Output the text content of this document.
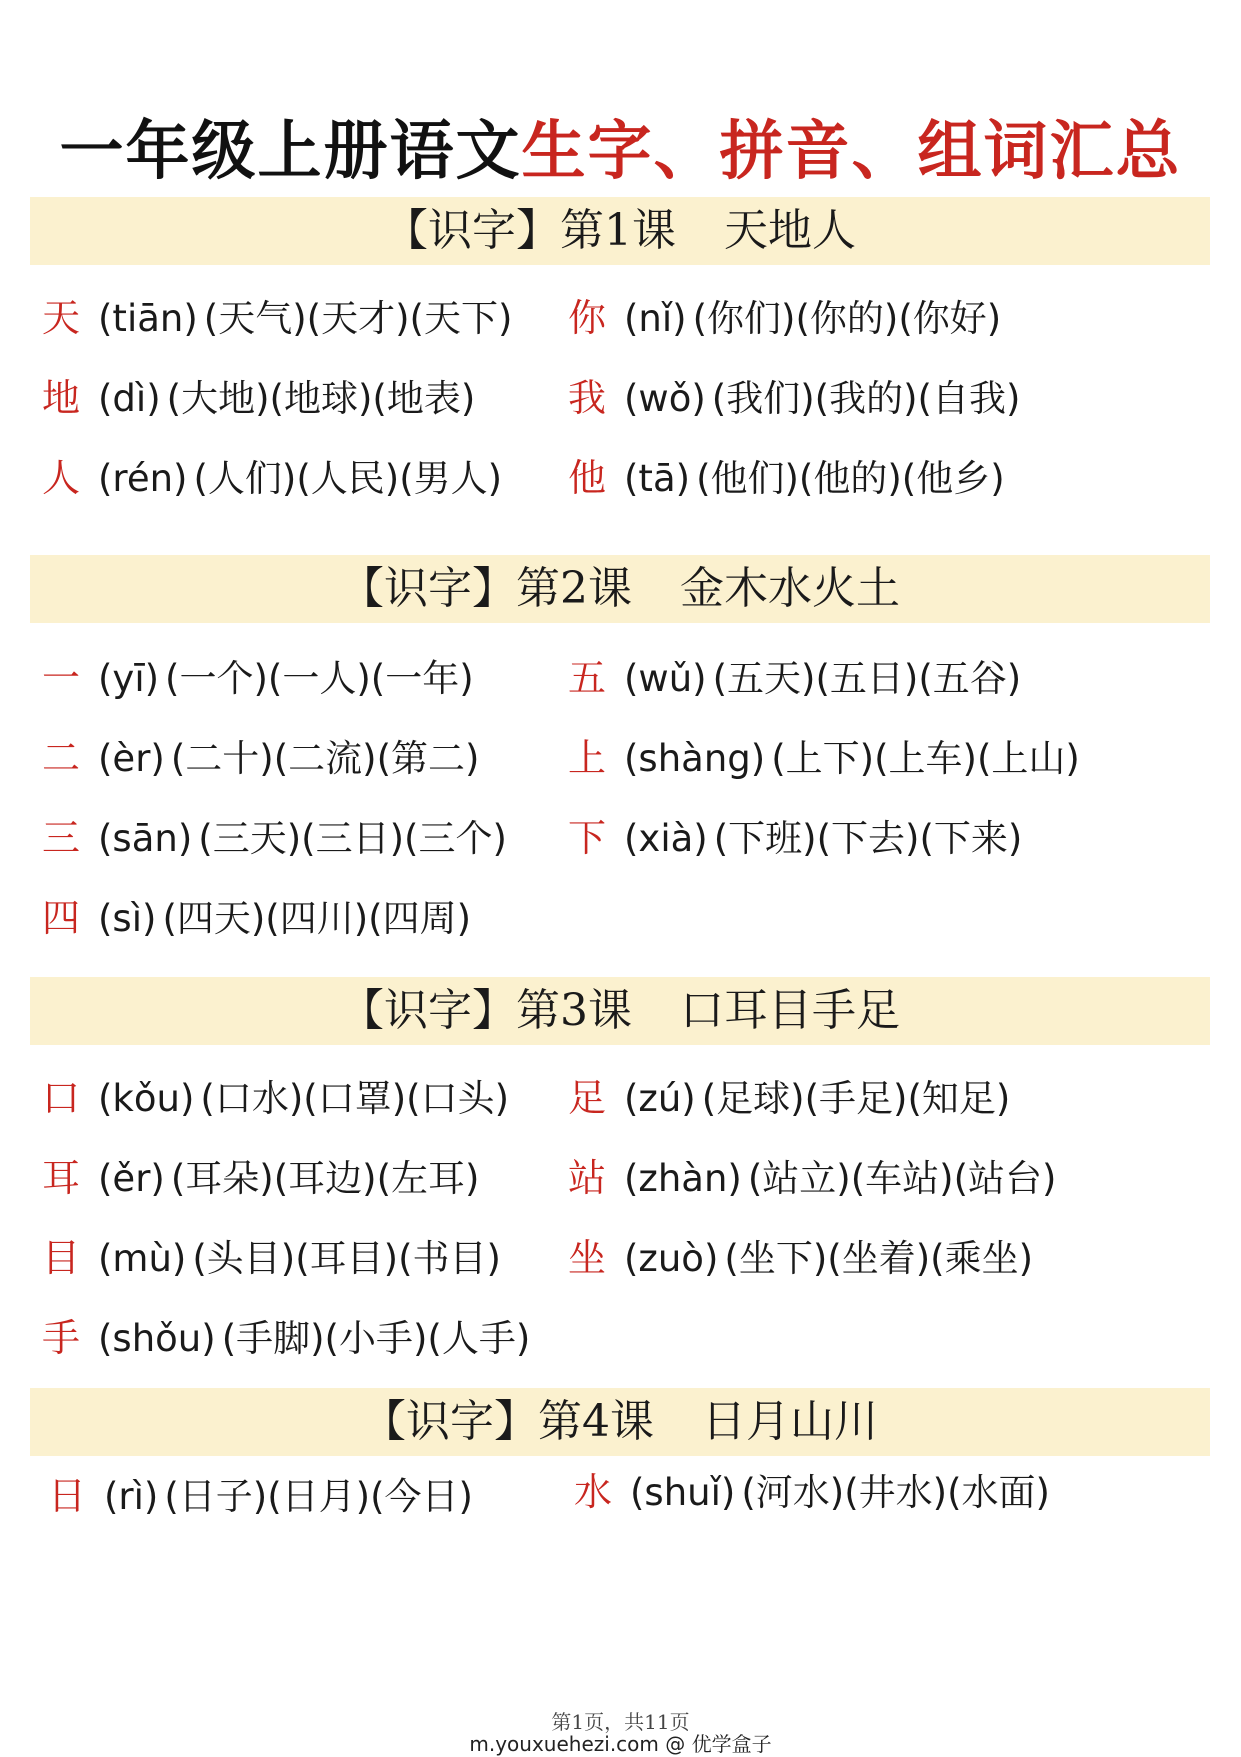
一年级上册语文生字、拼音、组词汇总
【识字】第1课 天地人
天 (tiān) (天气)(天才)(天下) 你 (nǐ) (你们)(你的)(你好)
地 (dì) (大地)(地球)(地表) 我 (wǒ) (我们)(我的)(自我)
人 (rén) (人们)(人民)(男人) 他 (tā) (他们)(他的)(他乡)
【识字】第2课 金木水火土
一 (yī) (一个)(一人)(一年) 五 (wǔ) (五天)(五日)(五谷)
二 (èr) (二十)(二流)(第二) 上 (shàng) (上下)(上车)(上山)
三 (sān) (三天)(三日)(三个) 下 (xià) (下班)(下去)(下来)
四 (sì) (四天)(四川)(四周)
【识字】第3课 口耳目手足
口 (kǒu) (口水)(口罩)(口头) 足 (zú) (足球)(手足)(知足)
耳 (ěr) (耳朵)(耳边)(左耳) 站 (zhàn) (站立)(车站)(站台)
目 (mù) (头目)(耳目)(书目) 坐 (zuò) (坐下)(坐着)(乘坐)
手 (shǒu) (手脚)(小手)(人手)
【识字】第4课 日月山川
日 (rì) (日子)(日月)(今日)	水 (shuǐ) (河水)(井水)(水面)
第1页，共11页
m.youxuehezi.com @ 优学盒子
